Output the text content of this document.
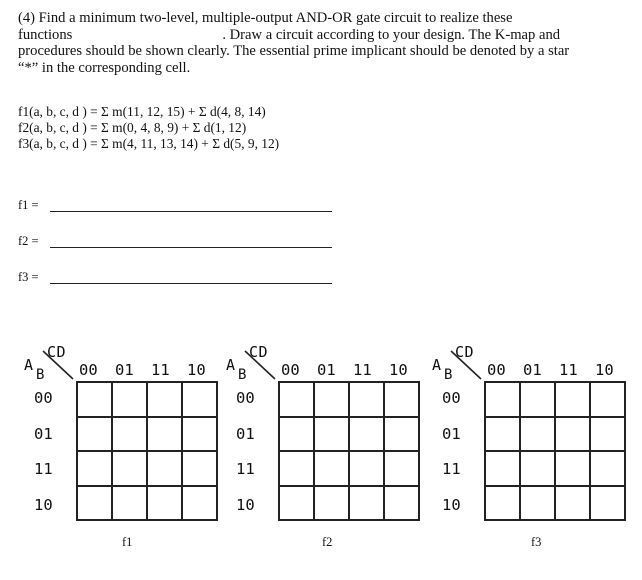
(4) Find a minimum two-level, multiple-output AND-OR gate circuit to realize these
functions	. Draw a circuit according to your design. The K-map and
procedures should be shown clearly. The essential prime implicant should be denoted by a star
“*” in the corresponding cell.
f1(a, b, c, d ) = Σ m(11, 12, 15) + Σ d(4, 8, 14)
f2(a, b, c, d ) = Σ m(0, 4, 8, 9) + Σ d(1, 12)
f3(a, b, c, d ) = Σ m(4, 11, 13, 14) + Σ d(5, 9, 12)
f1 =
f2 =
f3 =
CD
A
B 00 01 11 10
00
01
11
10
f1
CD
A
B 00 01 11 10
00
01
11
10
f2
CD
A
B 00 01 11 10
00
01
11
10
f3
